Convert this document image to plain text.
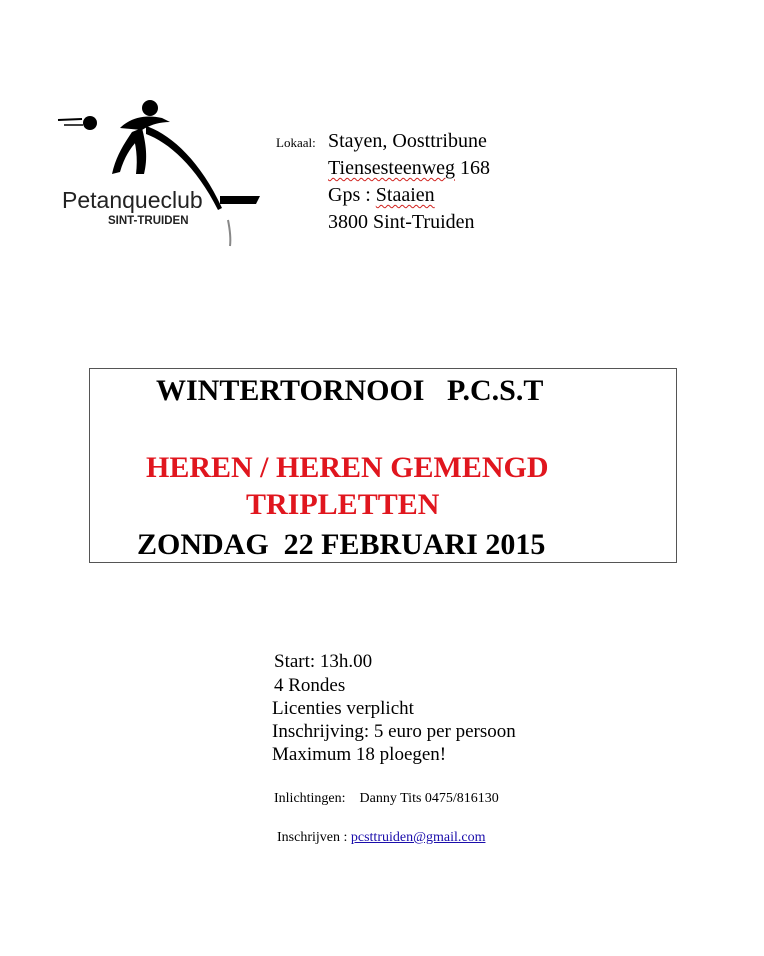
Petanqueclub
SINT-TRUIDEN
Lokaal: Stayen, Oosttribune
Tiensesteenweg 168
Gps : Staaien
3800 Sint-Truiden
WINTERTORNOOI   P.C.S.T
HEREN / HEREN GEMENGD
TRIPLETTEN
ZONDAG  22 FEBRUARI 2015
Start: 13h.00
4 Rondes
Licenties verplicht
Inschrijving: 5 euro per persoon
Maximum 18 ploegen!
Inlichtingen: Danny Tits 0475/816130
Inschrijven : pcsttruiden@gmail.com
